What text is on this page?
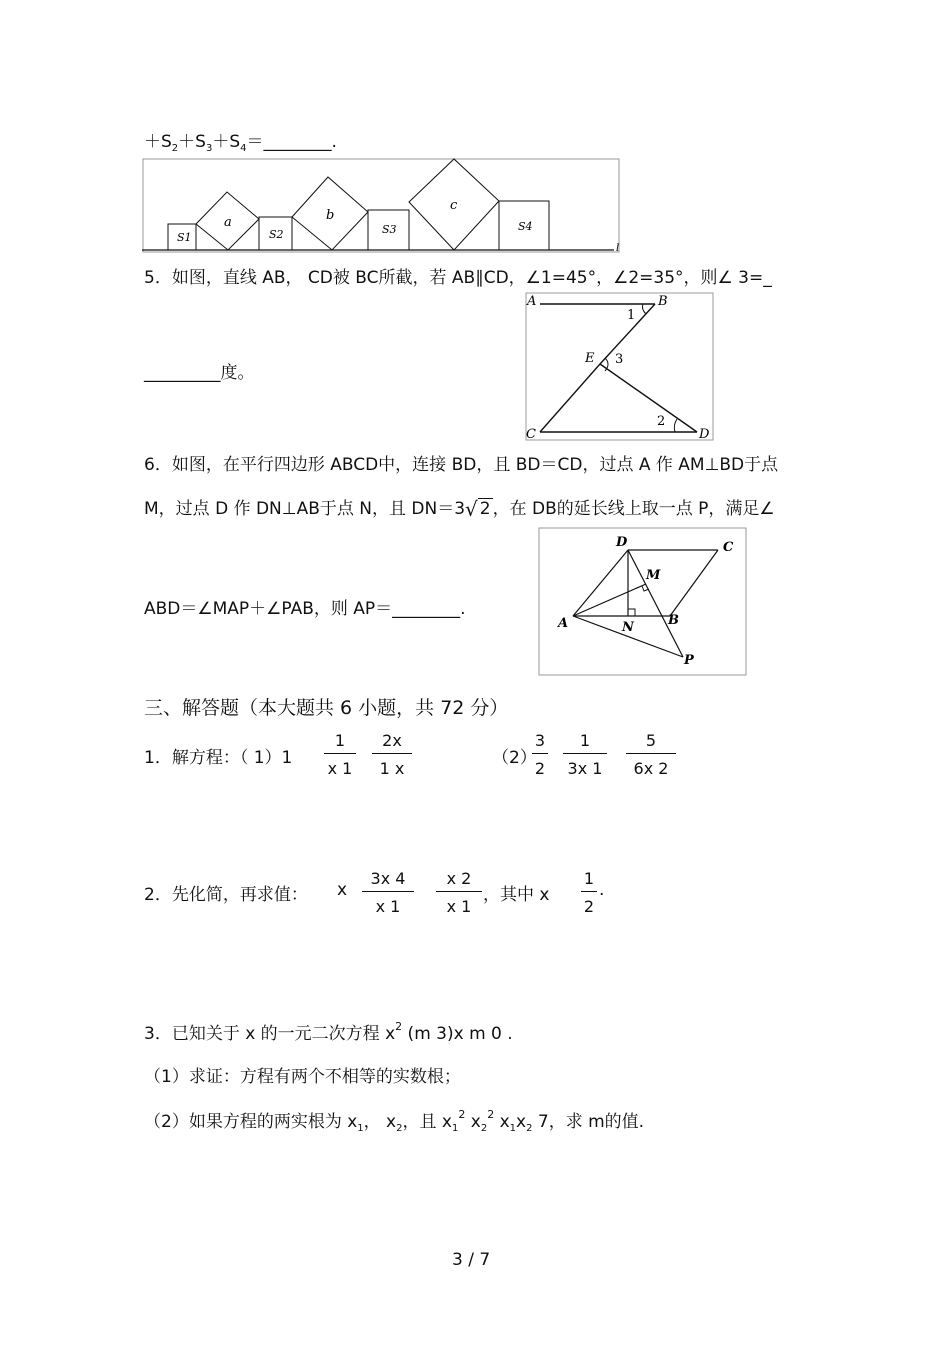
$+S_2+S_3+S_4=\_\_\_\_\_\_\_\_$.
S1
a
S2
b
S3
c
S4
l
5．如图，直线 AB， CD被 BC所截，若 AB∥CD，∠1=45°，∠2=35°，则∠ 3=_
_________度。
A	B
C	D
E
1
2
3
6．如图，在平行四边形 ABCD中，连接 BD，且 BD＝CD，过点 A 作 AM⊥BD于点
M，过点 D 作 DN⊥AB于点 N，且 DN＝3√ 2 ，在 DB的延长线上取一点 P，满足∠
ABD＝∠MAP＋∠PAB，则 AP＝________.
D	C
A	B
M
N
P
三、解答题（本大题共 6 小题，共 72 分）
1．解方程：（ $1)1 \frac{1}{x 1} \frac{2x}{1 x}$	（2）
$\frac{3}{2} \frac{1}{3x 1} \frac{5}{6x 2}$
2．先化简，再求值： x $\frac{3x 4}{x 1} \frac{x 2}{x 1}$ ，其中 x $\frac{1}{2}$ .
3．已知关于 x 的一元二次方程 $x^2$ (m 3)x m 0 .
（1）求证：方程有两个不相等的实数根；
（2）如果方程的两实根为 $x_1$， $x_2$，且 $x_1^2$ $x_2^2$ $x_1x_2$ 7，求 m的值.
3 / 7
